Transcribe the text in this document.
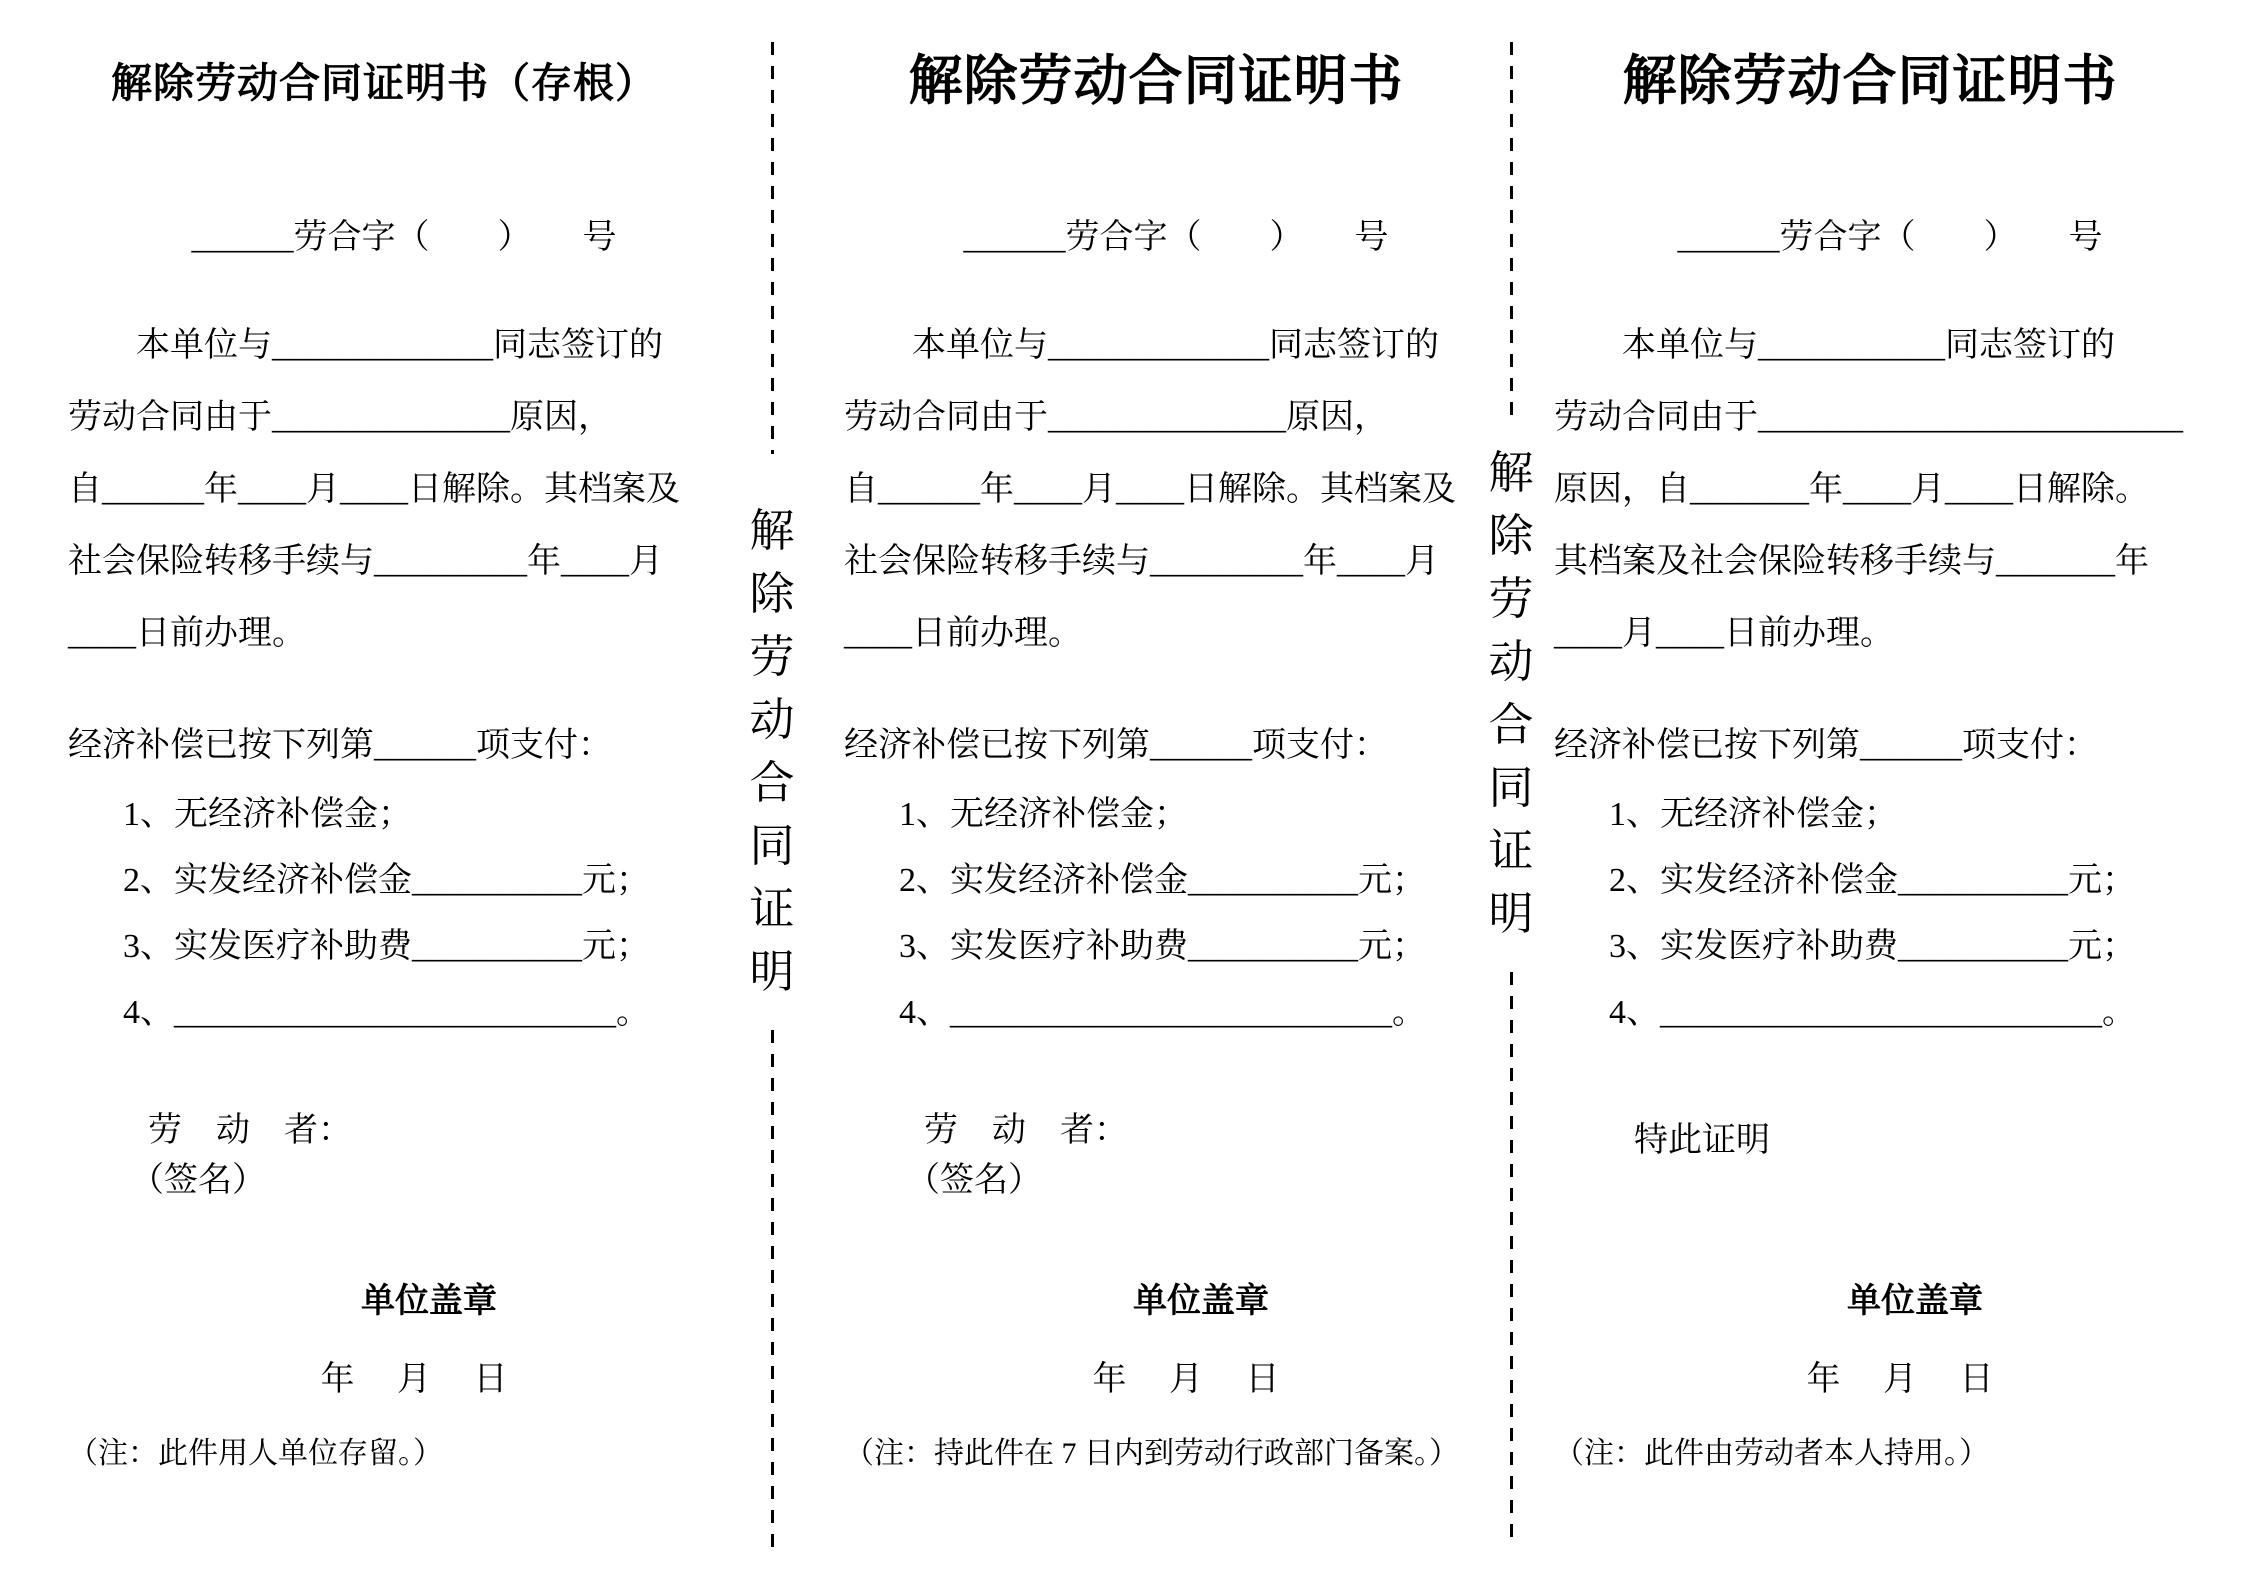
解除劳动合同证明书（存根）
______劳合字（　　）　　号
本单位与_____________同志签订的
劳动合同由于______________原因，
自______年____月____日解除。其档案及
社会保险转移手续与_________年____月
____日前办理。
经济补偿已按下列第______项支付：
1、无经济补偿金；
2、实发经济补偿金__________元；
3、实发医疗补助费__________元；
4、__________________________。
劳　动　者：
（签名）
单位盖章
年　 月　 日
（注：此件用人单位存留。）
解除劳动合同证明
解除劳动合同证明书
______劳合字（　　）　　号
本单位与_____________同志签订的
劳动合同由于______________原因，
自______年____月____日解除。其档案及
社会保险转移手续与_________年____月
____日前办理。
经济补偿已按下列第______项支付：
1、无经济补偿金；
2、实发经济补偿金__________元；
3、实发医疗补助费__________元；
4、__________________________。
劳　动　者：
（签名）
单位盖章
年　 月　 日
（注：持此件在 7 日内到劳动行政部门备案。）
解除劳动合同证明
解除劳动合同证明书
______劳合字（　　）　　号
本单位与___________同志签订的
劳动合同由于_________________________
原因，自_______年____月____日解除。
其档案及社会保险转移手续与_______年
____月____日前办理。
经济补偿已按下列第______项支付：
1、无经济补偿金；
2、实发经济补偿金__________元；
3、实发医疗补助费__________元；
4、__________________________。
特此证明
单位盖章
年　 月　 日
（注：此件由劳动者本人持用。）
